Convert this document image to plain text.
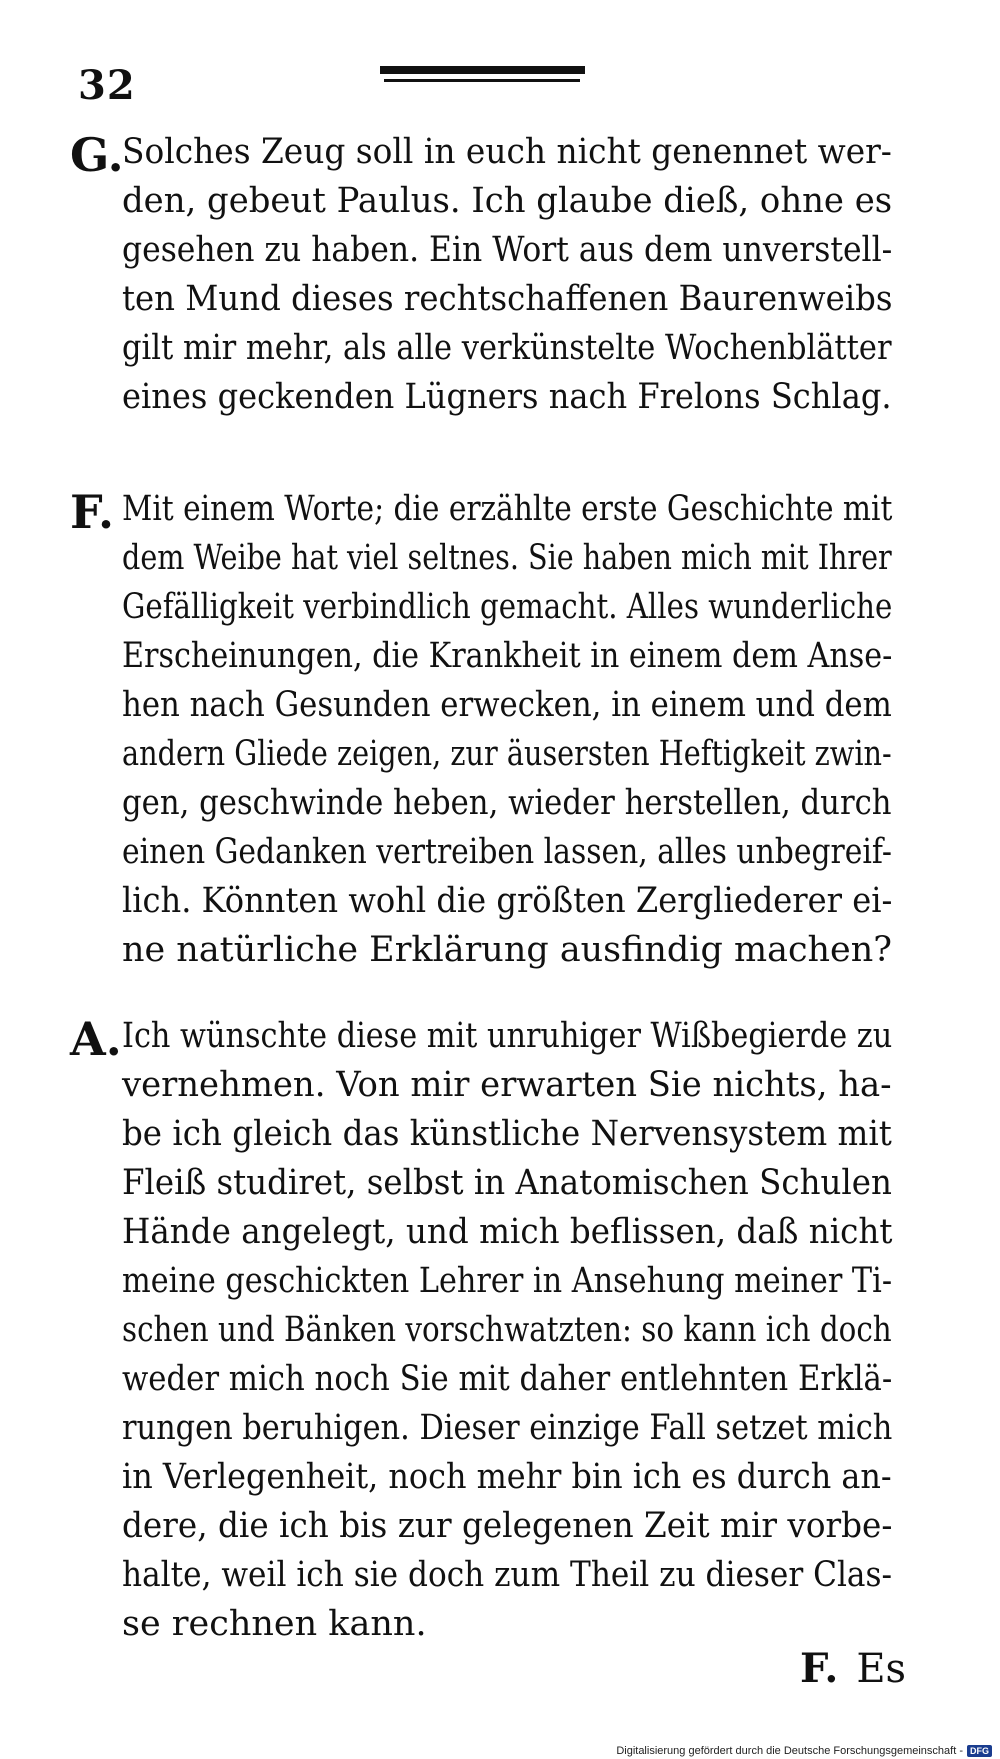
32
G.
Solches Zeug soll in euch nicht genennet wer-
den, gebeut Paulus. Ich glaube dieß, ohne es
gesehen zu haben. Ein Wort aus dem unverstell-
ten Mund dieses rechtschaffenen Baurenweibs
gilt mir mehr, als alle verkünstelte Wochenblätter
eines geckenden Lügners nach Frelons Schlag.
F. Mit einem Worte; die erzählte erste Geschichte mit
dem Weibe hat viel seltnes. Sie haben mich mit Ihrer
Gefälligkeit verbindlich gemacht. Alles wunderliche
Erscheinungen, die Krankheit in einem dem Anse-
hen nach Gesunden erwecken, in einem und dem
andern Gliede zeigen, zur äusersten Heftigkeit zwin-
gen, geschwinde heben, wieder herstellen, durch
einen Gedanken vertreiben lassen, alles unbegreif-
lich. Könnten wohl die größten Zergliederer ei-
ne natürliche Erklärung ausfindig machen?
A. Ich wünschte diese mit unruhiger Wißbegierde zu
vernehmen. Von mir erwarten Sie nichts, ha-
be ich gleich das künstliche Nervensystem mit
Fleiß studiret, selbst in Anatomischen Schulen
Hände angelegt, und mich beflissen, daß nicht
meine geschickten Lehrer in Ansehung meiner Ti-
schen und Bänken vorschwatzten: so kann ich doch
weder mich noch Sie mit daher entlehnten Erklä-
rungen beruhigen. Dieser einzige Fall setzet mich
in Verlegenheit, noch mehr bin ich es durch an-
dere, die ich bis zur gelegenen Zeit mir vorbe-
halte, weil ich sie doch zum Theil zu dieser Clas-
se rechnen kann.
F. Es
Digitalisierung gefördert durch die Deutsche Forschungsgemeinschaft - DFG
